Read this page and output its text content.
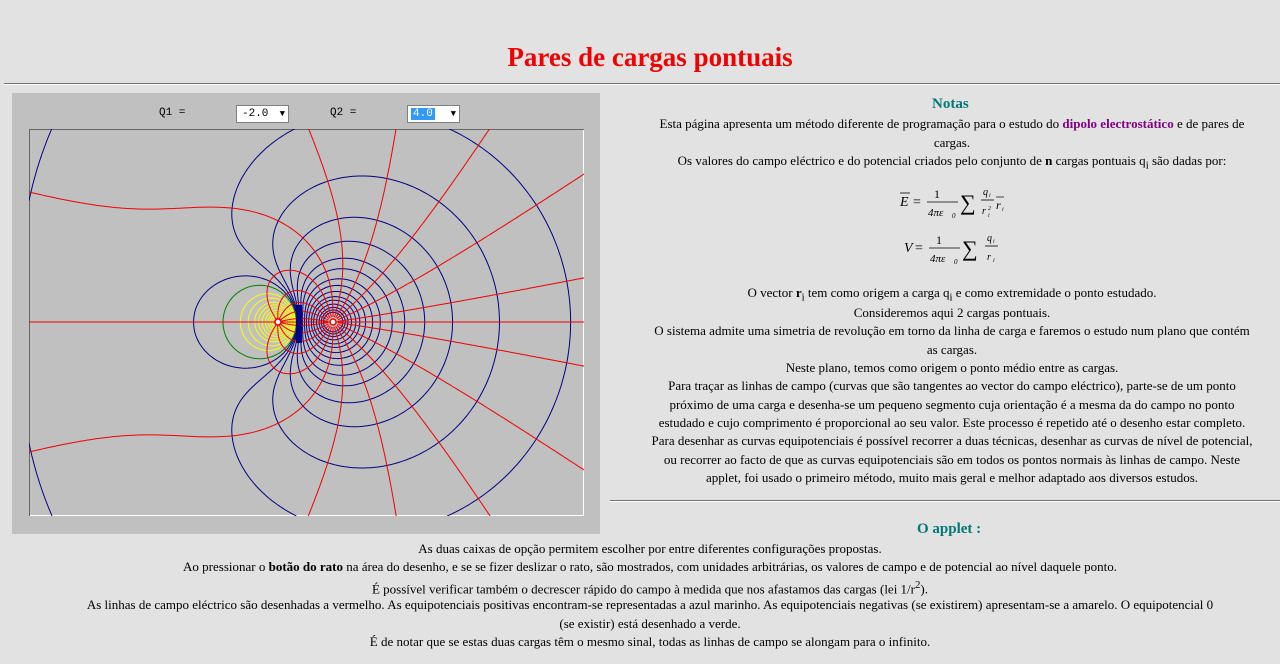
Pares de cargas pontuais
Q1 =	-2.0 ▼	Q2 =	4.0 ▼
Notas

Esta página apresenta um método diferente de programação para o estudo do dipolo electrostático e de pares de
cargas.

Os valores do campo eléctrico e do potencial criados pelo conjunto de n cargas pontuais $q_i$ são dadas por:

E =
1
4πε 0
∑ q i
r 2
i
r i
V =
1
4πε 0
∑ q i
r i

O vector $r_i$ tem como origem a carga $q_i$ e como extremidade o ponto estudado.

Consideremos aqui 2 cargas pontuais.

O sistema admite uma simetria de revolução em torno da linha de carga e faremos o estudo num plano que contém
as cargas.

Neste plano, temos como origem o ponto médio entre as cargas.

Para traçar as linhas de campo (curvas que são tangentes ao vector do campo eléctrico), parte-se de um ponto
próximo de uma carga e desenha-se um pequeno segmento cuja orientação é a mesma da do campo no ponto
estudado e cujo comprimento é proporcional ao seu valor. Este processo é repetido até o desenho estar completo.

Para desenhar as curvas equipotenciais é possível recorrer a duas técnicas, desenhar as curvas de nível de potencial,
ou recorrer ao facto de que as curvas equipotenciais são em todos os pontos normais às linhas de campo. Neste
applet, foi usado o primeiro método, muito mais geral e melhor adaptado aos diversos estudos.

O applet :

As duas caixas de opção permitem escolher por entre diferentes configurações propostas.

Ao pressionar o botão do rato na área do desenho, e se se fizer deslizar o rato, são mostrados, com unidades arbitrárias, os valores de campo e de potencial ao nível daquele ponto.

É possível verificar também o decrescer rápido do campo à medida que nos afastamos das cargas (lei $1/r^2$).

As linhas de campo eléctrico são desenhadas a vermelho. As equipotenciais positivas encontram-se representadas a azul marinho. As equipotenciais negativas (se existirem) apresentam-se a amarelo. O equipotencial 0
(se existir) está desenhado a verde.

É de notar que se estas duas cargas têm o mesmo sinal, todas as linhas de campo se alongam para o infinito.
